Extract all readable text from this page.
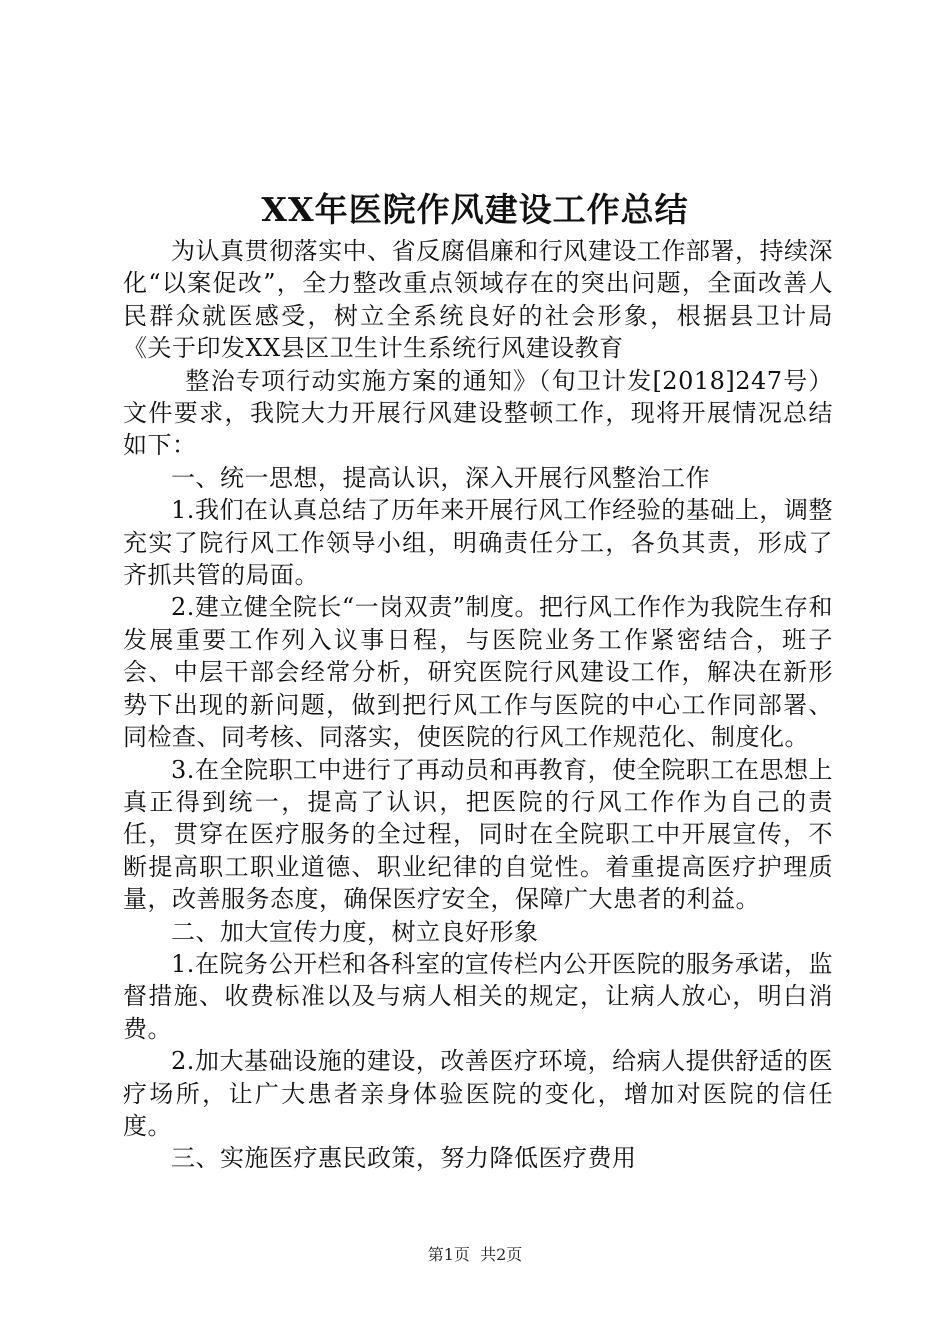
XX年医院作风建设工作总结

为认真贯彻落实中、省反腐倡廉和行风建设工作部署，持续深化“以案促改”，全力整改重点领域存在的突出问题，全面改善人民群众就医感受，树立全系统良好的社会形象，根据县卫计局《关于印发XX县区卫生计生系统行风建设教育

整治专项行动实施方案的通知》（旬卫计发[2018]247号）文件要求，我院大力开展行风建设整顿工作，现将开展情况总结如下：

一、统一思想，提高认识，深入开展行风整治工作

1.我们在认真总结了历年来开展行风工作经验的基础上，调整充实了院行风工作领导小组，明确责任分工，各负其责，形成了齐抓共管的局面。

2.建立健全院长“一岗双责”制度。把行风工作作为我院生存和发展重要工作列入议事日程，与医院业务工作紧密结合，班子会、中层干部会经常分析，研究医院行风建设工作，解决在新形势下出现的新问题，做到把行风工作与医院的中心工作同部署、同检查、同考核、同落实，使医院的行风工作规范化、制度化。

3.在全院职工中进行了再动员和再教育，使全院职工在思想上真正得到统一，提高了认识，把医院的行风工作作为自己的责任，贯穿在医疗服务的全过程，同时在全院职工中开展宣传，不断提高职工职业道德、职业纪律的自觉性。着重提高医疗护理质量，改善服务态度，确保医疗安全，保障广大患者的利益。

二、加大宣传力度，树立良好形象

1.在院务公开栏和各科室的宣传栏内公开医院的服务承诺，监督措施、收费标准以及与病人相关的规定，让病人放心，明白消费。

2.加大基础设施的建设，改善医疗环境，给病人提供舒适的医疗场所，让广大患者亲身体验医院的变化，增加对医院的信任度。

三、实施医疗惠民政策，努力降低医疗费用

第1页  共2页
